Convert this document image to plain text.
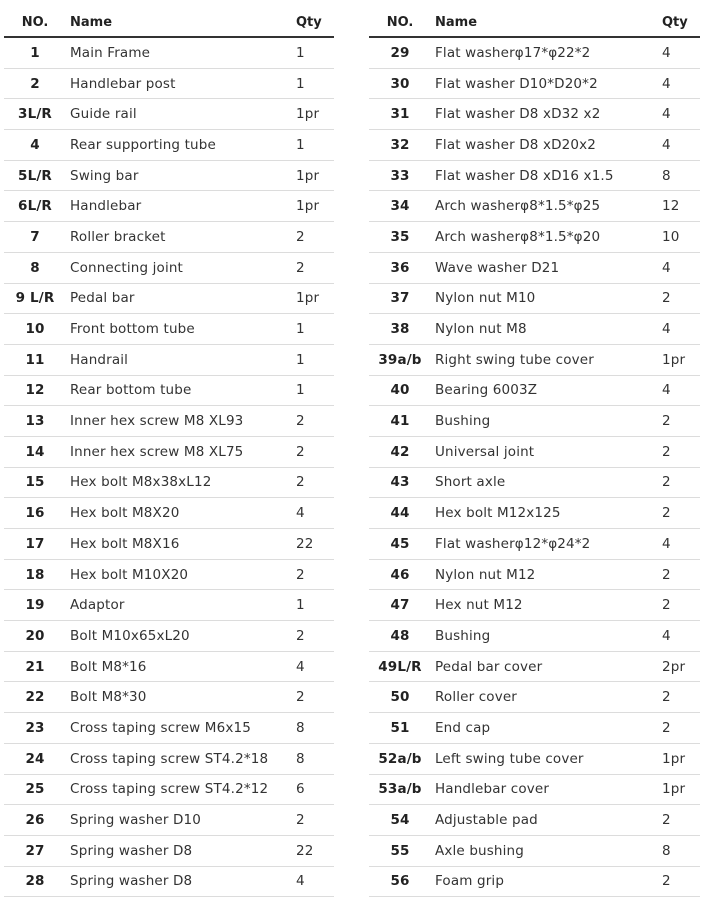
NO.	Name	Qty
1	Main Frame	1
2	Handlebar post	1
3L/R	Guide rail	1pr
4	Rear supporting tube	1
5L/R	Swing bar	1pr
6L/R	Handlebar	1pr
7	Roller bracket	2
8	Connecting joint	2
9 L/R	Pedal bar	1pr
10	Front bottom tube	1
11	Handrail	1
12	Rear bottom tube	1
13	Inner hex screw M8 XL93	2
14	Inner hex screw M8 XL75	2
15	Hex bolt M8x38xL12	2
16	Hex bolt M8X20	4
17	Hex bolt M8X16	22
18	Hex bolt M10X20	2
19	Adaptor	1
20	Bolt M10x65xL20	2
21	Bolt M8*16	4
22	Bolt M8*30	2
23	Cross taping screw M6x15	8
24	Cross taping screw ST4.2*18	8
25	Cross taping screw ST4.2*12	6
26	Spring washer D10	2
27	Spring washer D8	22
28	Spring washer D8	4
NO.	Name	Qty
29	Flat washerφ17*φ22*2	4
30	Flat washer D10*D20*2	4
31	Flat washer D8 xD32 x2	4
32	Flat washer D8 xD20x2	4
33	Flat washer D8 xD16 x1.5	8
34	Arch washerφ8*1.5*φ25	12
35	Arch washerφ8*1.5*φ20	10
36	Wave washer D21	4
37	Nylon nut M10	2
38	Nylon nut M8	4
39a/b	Right swing tube cover	1pr
40	Bearing 6003Z	4
41	Bushing	2
42	Universal joint	2
43	Short axle	2
44	Hex bolt M12x125	2
45	Flat washerφ12*φ24*2	4
46	Nylon nut M12	2
47	Hex nut M12	2
48	Bushing	4
49L/R	Pedal bar cover	2pr
50	Roller cover	2
51	End cap	2
52a/b	Left swing tube cover	1pr
53a/b	Handlebar cover	1pr
54	Adjustable pad	2
55	Axle bushing	8
56	Foam grip	2
